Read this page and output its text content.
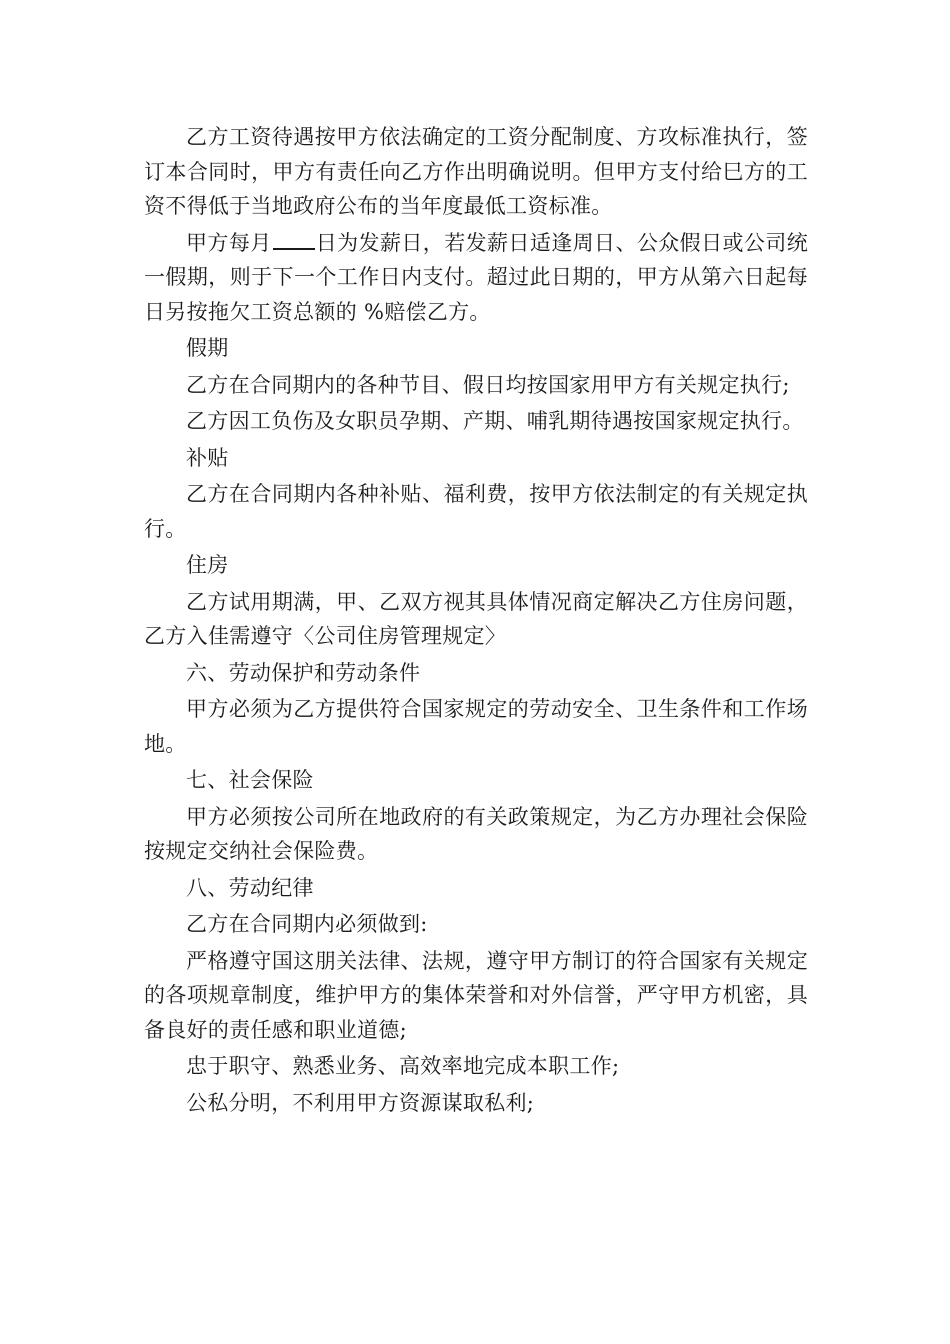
乙方工资待遇按甲方依法确定的工资分配制度、方攻标准执行，签订本合同时，甲方有责任向乙方作出明确说明。但甲方支付给巳方的工资不得低于当地政府公布的当年度最低工资标准。

甲方每月 日为发薪日，若发薪日适逢周日、公众假日或公司统一假期，则于下一个工作日内支付。超过此日期的，甲方从第六日起每日另按拖欠工资总额的 %赔偿乙方。

假期

乙方在合同期内的各种节目、假日均按国家用甲方有关规定执行;

乙方因工负伤及女职员孕期、产期、哺乳期待遇按国家规定执行。

补贴

乙方在合同期内各种补贴、福利费，按甲方依法制定的有关规定执行。

住房

乙方试用期满，甲、乙双方视其具体情况商定解决乙方住房问题，乙方入佳需遵守〈公司住房管理规定〉

六、劳动保护和劳动条件

甲方必须为乙方提供符合国家规定的劳动安全、卫生条件和工作场地。

七、社会保险

甲方必须按公司所在地政府的有关政策规定，为乙方办理社会保险按规定交纳社会保险费。

八、劳动纪律

乙方在合同期内必须做到:

严格遵守国这朋关法律、法规，遵守甲方制订的符合国家有关规定的各项规章制度，维护甲方的集体荣誉和对外信誉，严守甲方机密，具备良好的责任感和职业道德;

忠于职守、熟悉业务、高效率地完成本职工作;

公私分明，不利用甲方资源谋取私利;
